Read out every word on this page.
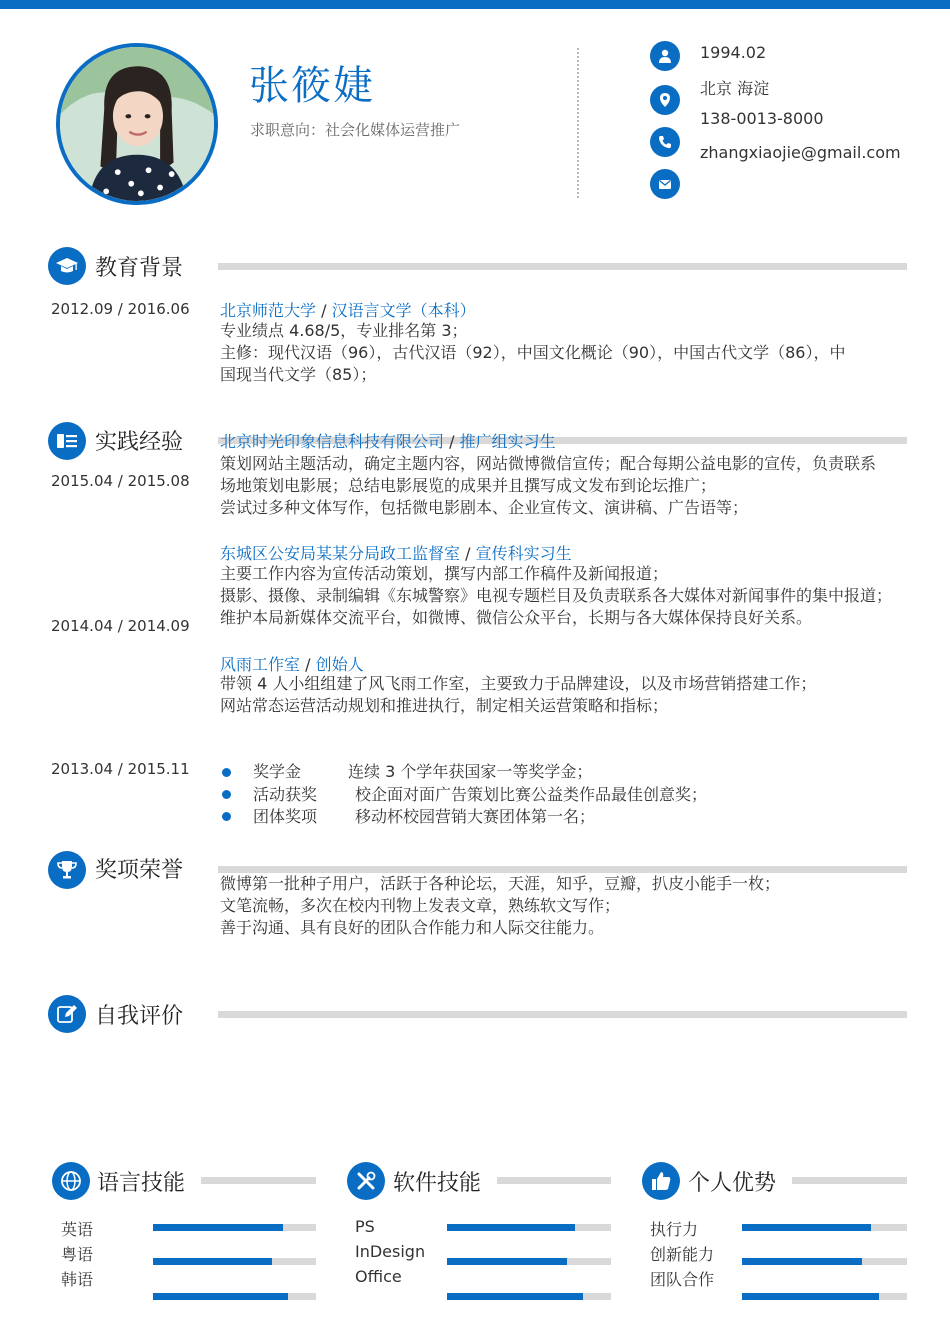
张筱婕
求职意向：社会化媒体运营推广
1994.02
北京 海淀
138-0013-8000
zhangxiaojie@gmail.com
教育背景
2012.09 / 2016.06 北京师范大学 / 汉语言文学（本科）
专业绩点 4.68/5，专业排名第 3；
主修：现代汉语（96），古代汉语（92），中国文化概论（90），中国古代文学（86），中
国现当代文学（85）；
实践经验
2015.04 / 2015.08
北京时光印象信息科技有限公司 / 推广组实习生
策划网站主题活动，确定主题内容，网站微博微信宣传；配合每期公益电影的宣传，负责联系
场地策划电影展；总结电影展览的成果并且撰写成文发布到论坛推广；
尝试过多种文体写作，包括微电影剧本、企业宣传文、演讲稿、广告语等；
2014.04 / 2014.09
东城区公安局某某分局政工监督室 / 宣传科实习生
主要工作内容为宣传活动策划，撰写内部工作稿件及新闻报道；
摄影、摄像、录制编辑《东城警察》电视专题栏目及负责联系各大媒体对新闻事件的集中报道；
维护本局新媒体交流平台，如微博、微信公众平台，长期与各大媒体保持良好关系。
风雨工作室 / 创始人
带领 4 人小组组建了风飞雨工作室，主要致力于品牌建设，以及市场营销搭建工作；
网站常态运营活动规划和推进执行，制定相关运营策略和指标；
2013.04 / 2015.11	奖学金	连续 3 个学年获国家一等奖学金；
活动获奖 校企面对面广告策划比赛公益类作品最佳创意奖；
团体奖项 移动杯校园营销大赛团体第一名；
奖项荣誉
微博第一批种子用户，活跃于各种论坛，天涯，知乎，豆瓣，扒皮小能手一枚；
文笔流畅，多次在校内刊物上发表文章，熟练软文写作；
善于沟通、具有良好的团队合作能力和人际交往能力。
自我评价
语言技能	软件技能	个人优势
英语
粤语
韩语
PS
InDesign
Office
执行力
创新能力
团队合作
